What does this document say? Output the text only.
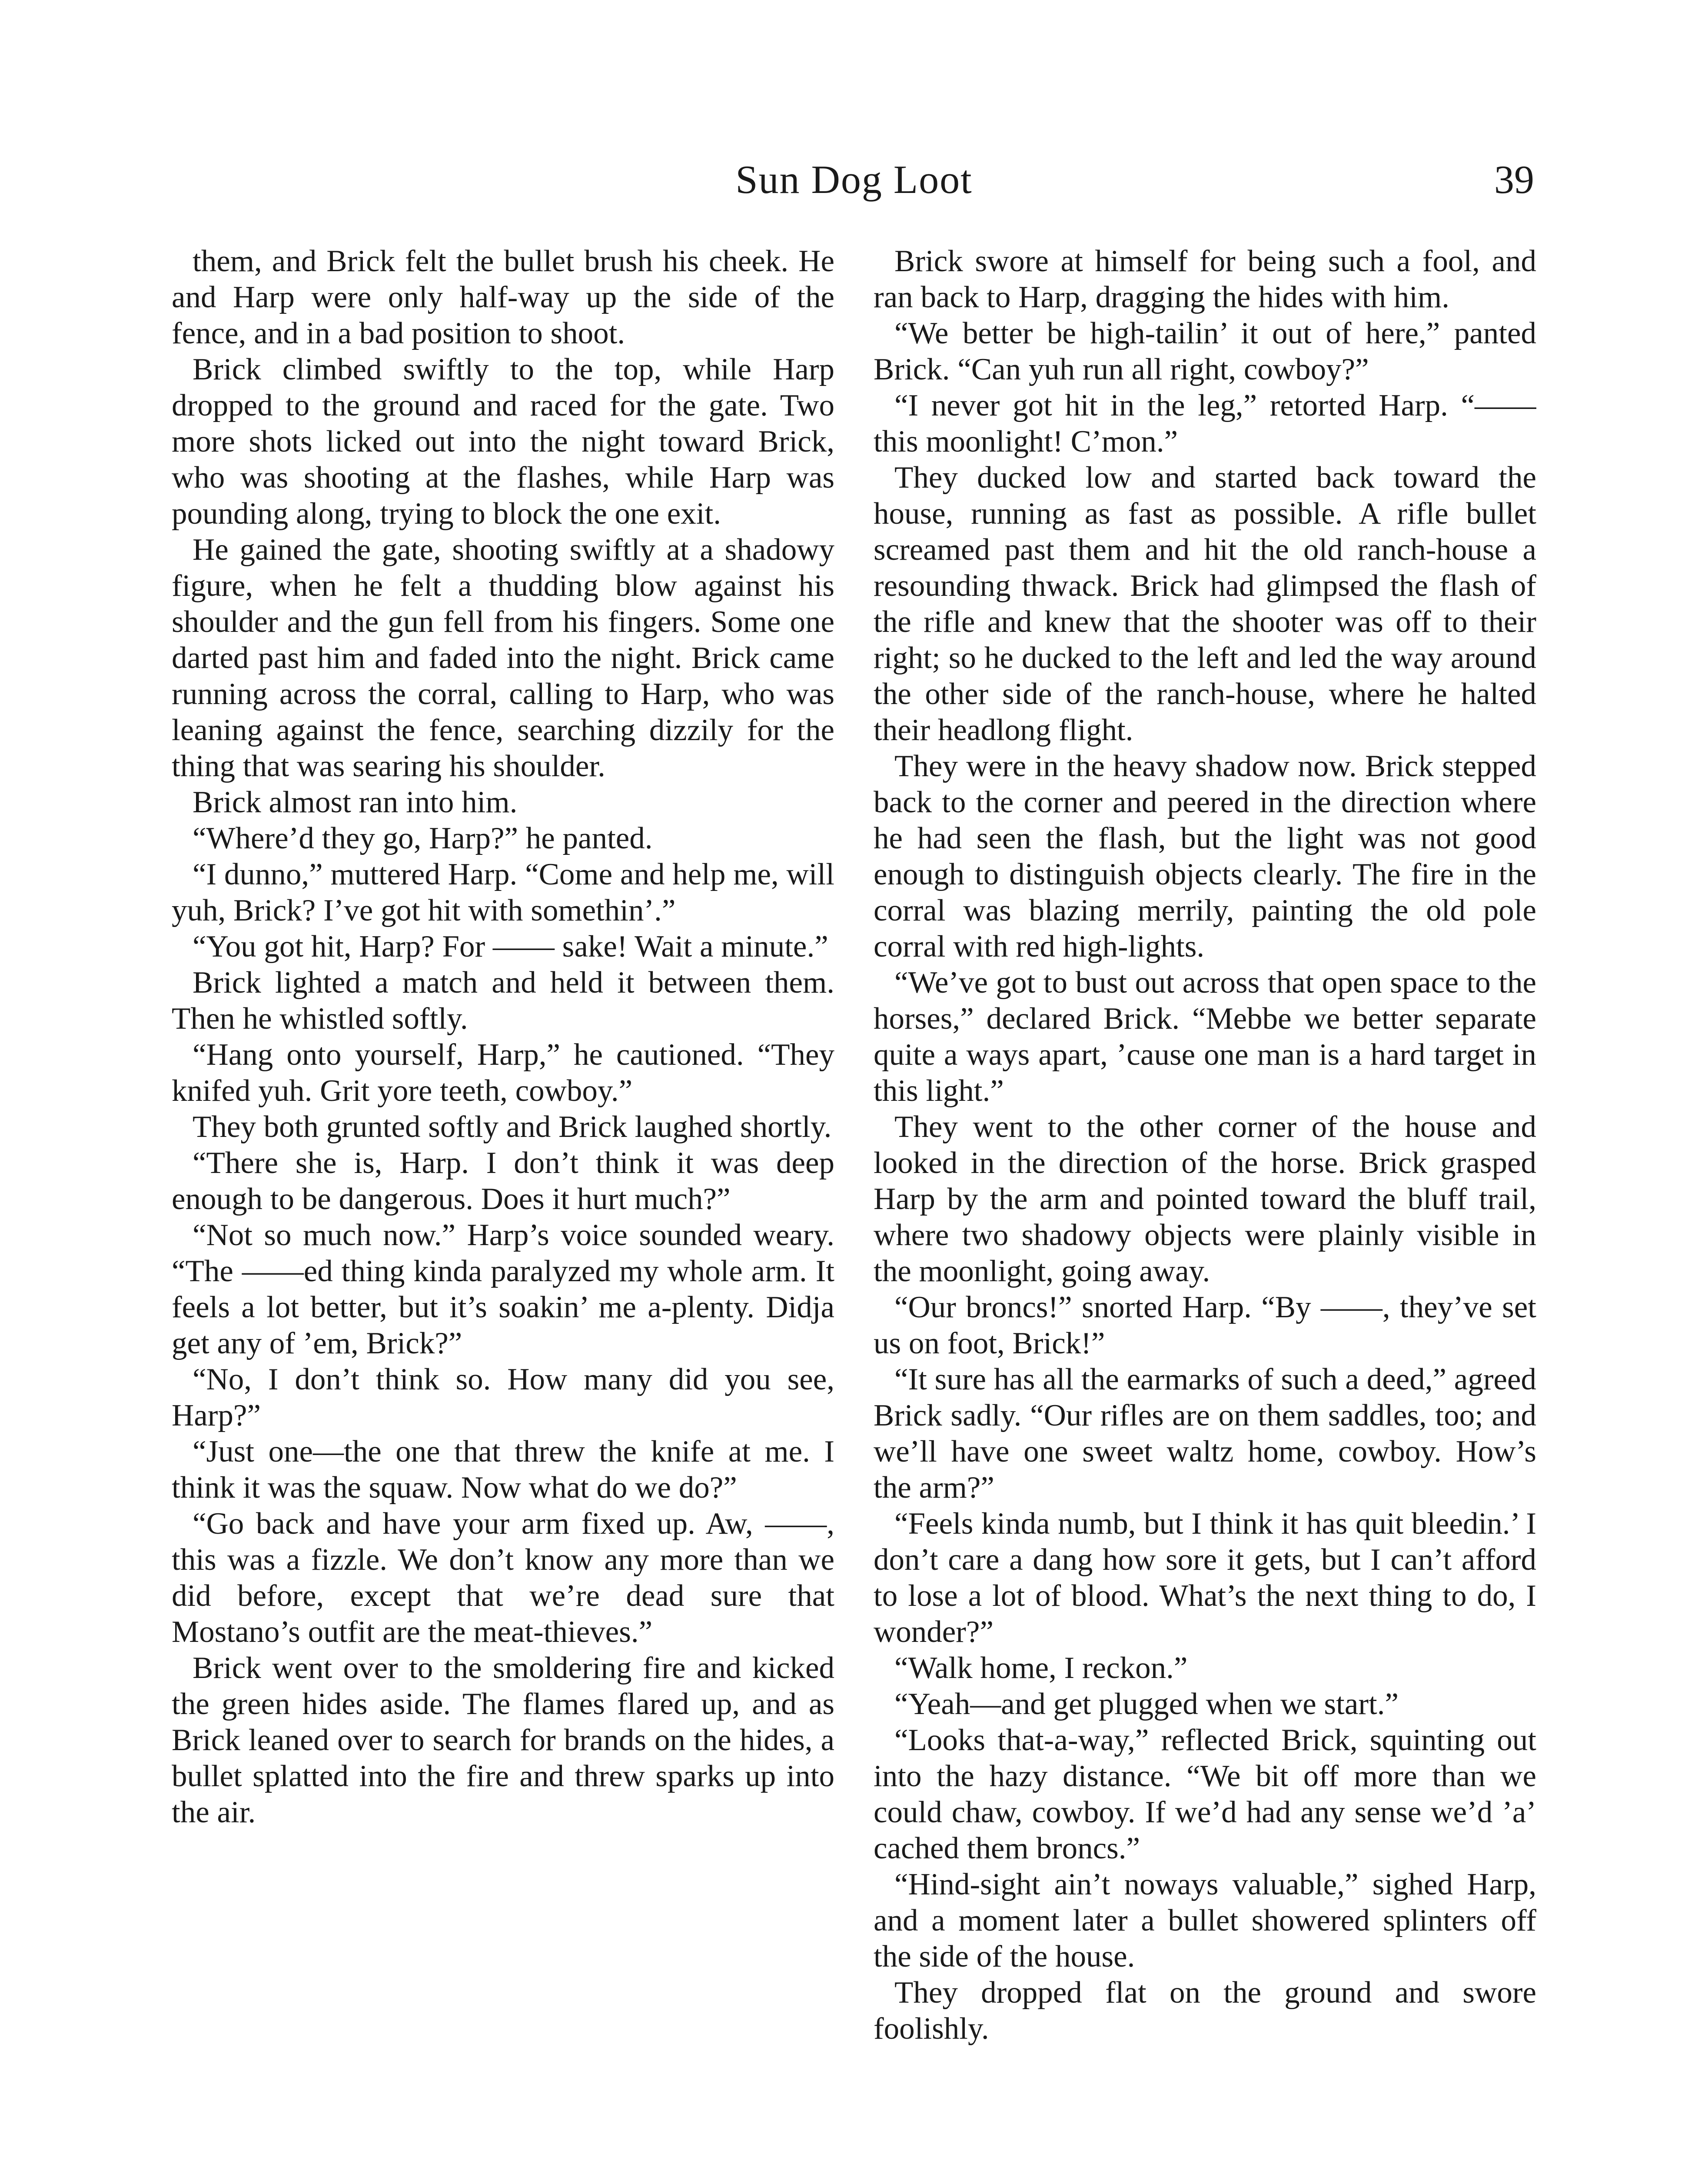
Sun Dog Loot	39

them, and Brick felt the bullet brush his cheek. He and Harp were only half-way up the side of the fence, and in a bad position to shoot.

Brick climbed swiftly to the top, while Harp dropped to the ground and raced for the gate. Two more shots licked out into the night toward Brick, who was shooting at the flashes, while Harp was pounding along, trying to block the one exit.

He gained the gate, shooting swiftly at a shadowy figure, when he felt a thudding blow against his shoulder and the gun fell from his fingers. Some one darted past him and faded into the night. Brick came running across the corral, calling to Harp, who was leaning against the fence, searching dizzily for the thing that was searing his shoulder.

Brick almost ran into him.

“Where’d they go, Harp?” he panted.

“I dunno,” muttered Harp. “Come and help me, will yuh, Brick? I’ve got hit with somethin’.”

“You got hit, Harp? For —— sake! Wait a minute.”

Brick lighted a match and held it between them. Then he whistled softly.

“Hang onto yourself, Harp,” he cautioned. “They knifed yuh. Grit yore teeth, cowboy.”

They both grunted softly and Brick laughed shortly.

“There she is, Harp. I don’t think it was deep enough to be dangerous. Does it hurt much?”

“Not so much now.” Harp’s voice sounded weary. “The ——ed thing kinda paralyzed my whole arm. It feels a lot better, but it’s soakin’ me a-plenty. Didja get any of ’em, Brick?”

“No, I don’t think so. How many did you see, Harp?”

“Just one—the one that threw the knife at me. I think it was the squaw. Now what do we do?”

“Go back and have your arm fixed up. Aw, ——, this was a fizzle. We don’t know any more than we did before, except that we’re dead sure that Mostano’s outfit are the meat-thieves.”

Brick went over to the smoldering fire and kicked the green hides aside. The flames flared up, and as Brick leaned over to search for brands on the hides, a bullet splatted into the fire and threw sparks up into the air.

Brick swore at himself for being such a fool, and ran back to Harp, dragging the hides with him.

“We better be high-tailin’ it out of here,” panted Brick. “Can yuh run all right, cowboy?”

“I never got hit in the leg,” retorted Harp. “—— this moonlight! C’mon.”

They ducked low and started back toward the house, running as fast as possible. A rifle bullet screamed past them and hit the old ranch-house a resounding thwack. Brick had glimpsed the flash of the rifle and knew that the shooter was off to their right; so he ducked to the left and led the way around the other side of the ranch-house, where he halted their headlong flight.

They were in the heavy shadow now. Brick stepped back to the corner and peered in the direction where he had seen the flash, but the light was not good enough to distinguish objects clearly. The fire in the corral was blazing merrily, painting the old pole corral with red high-lights.

“We’ve got to bust out across that open space to the horses,” declared Brick. “Mebbe we better separate quite a ways apart, ’cause one man is a hard target in this light.”

They went to the other corner of the house and looked in the direction of the horse. Brick grasped Harp by the arm and pointed toward the bluff trail, where two shadowy objects were plainly visible in the moonlight, going away.

“Our broncs!” snorted Harp. “By ——, they’ve set us on foot, Brick!”

“It sure has all the earmarks of such a deed,” agreed Brick sadly. “Our rifles are on them saddles, too; and we’ll have one sweet waltz home, cowboy. How’s the arm?”

“Feels kinda numb, but I think it has quit bleedin.’ I don’t care a dang how sore it gets, but I can’t afford to lose a lot of blood. What’s the next thing to do, I wonder?”

“Walk home, I reckon.”

“Yeah—and get plugged when we start.”

“Looks that-a-way,” reflected Brick, squinting out into the hazy distance. “We bit off more than we could chaw, cowboy. If we’d had any sense we’d ’a’ cached them broncs.”

“Hind-sight ain’t noways valuable,” sighed Harp, and a moment later a bullet showered splinters off the side of the house.

They dropped flat on the ground and swore foolishly.
